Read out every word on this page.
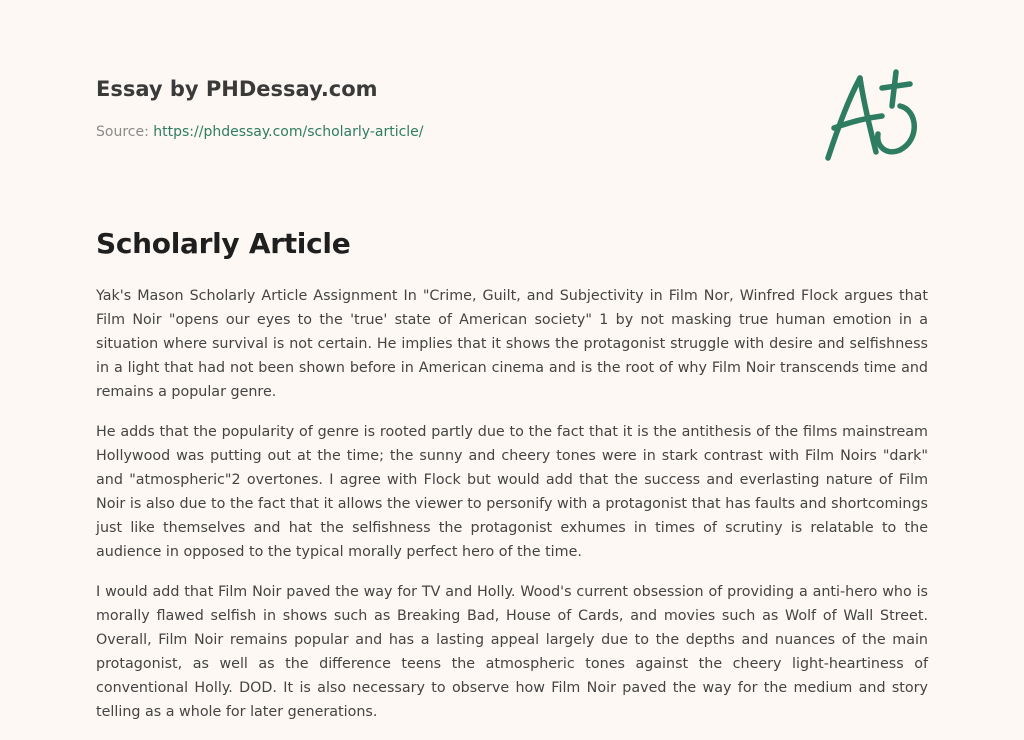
Essay by PHDessay.com
Source: https://phdessay.com/scholarly-article/
Scholarly Article

Yak's Mason Scholarly Article Assignment In "Crime, Guilt, and Subjectivity in Film Nor, Winfred Flock argues that Film Noir "opens our eyes to the 'true' state of American society" 1 by not masking true human emotion in a situation where survival is not certain. He implies that it shows the protagonist struggle with desire and selfishness in a light that had not been shown before in American cinema and is the root of why Film Noir transcends time and remains a popular genre.

He adds that the popularity of genre is rooted partly due to the fact that it is the antithesis of the films mainstream Hollywood was putting out at the time; the sunny and cheery tones were in stark contrast with Film Noirs "dark" and "atmospheric"2 overtones. I agree with Flock but would add that the success and everlasting nature of Film Noir is also due to the fact that it allows the viewer to personify with a protagonist that has faults and shortcomings just like themselves and hat the selfishness the protagonist exhumes in times of scrutiny is relatable to the audience in opposed to the typical morally perfect hero of the time.

I would add that Film Noir paved the way for TV and Holly. Wood's current obsession of providing a anti-hero who is morally flawed selfish in shows such as Breaking Bad, House of Cards, and movies such as Wolf of Wall Street. Overall, Film Noir remains popular and has a lasting appeal largely due to the depths and nuances of the main protagonist, as well as the difference teens the atmospheric tones against the cheery light-heartiness of conventional Holly. DOD. It is also necessary to observe how Film Noir paved the way for the medium and story telling as a whole for later generations.
